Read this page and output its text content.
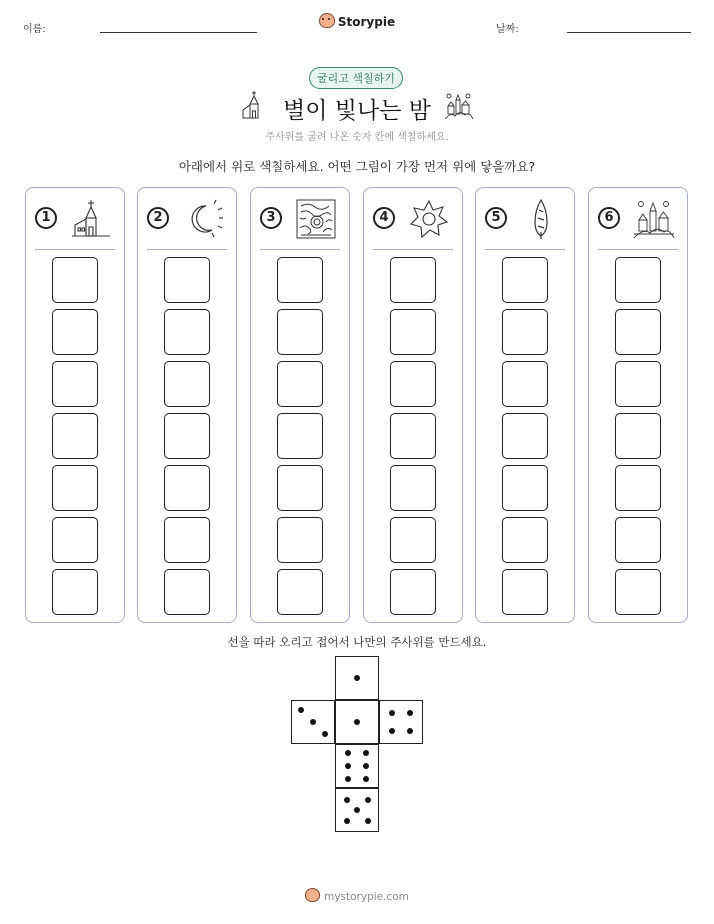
이름:
Storypie
날짜:
굴리고 색칠하기
별이 빛나는 밤
주사위를 굴려 나온 숫자 칸에 색칠하세요.
아래에서 위로 색칠하세요. 어떤 그림이 가장 먼저 위에 닿을까요?
1	2	3	4	5	6
선을 따라 오리고 접어서 나만의 주사위를 만드세요.
mystorypie.com
